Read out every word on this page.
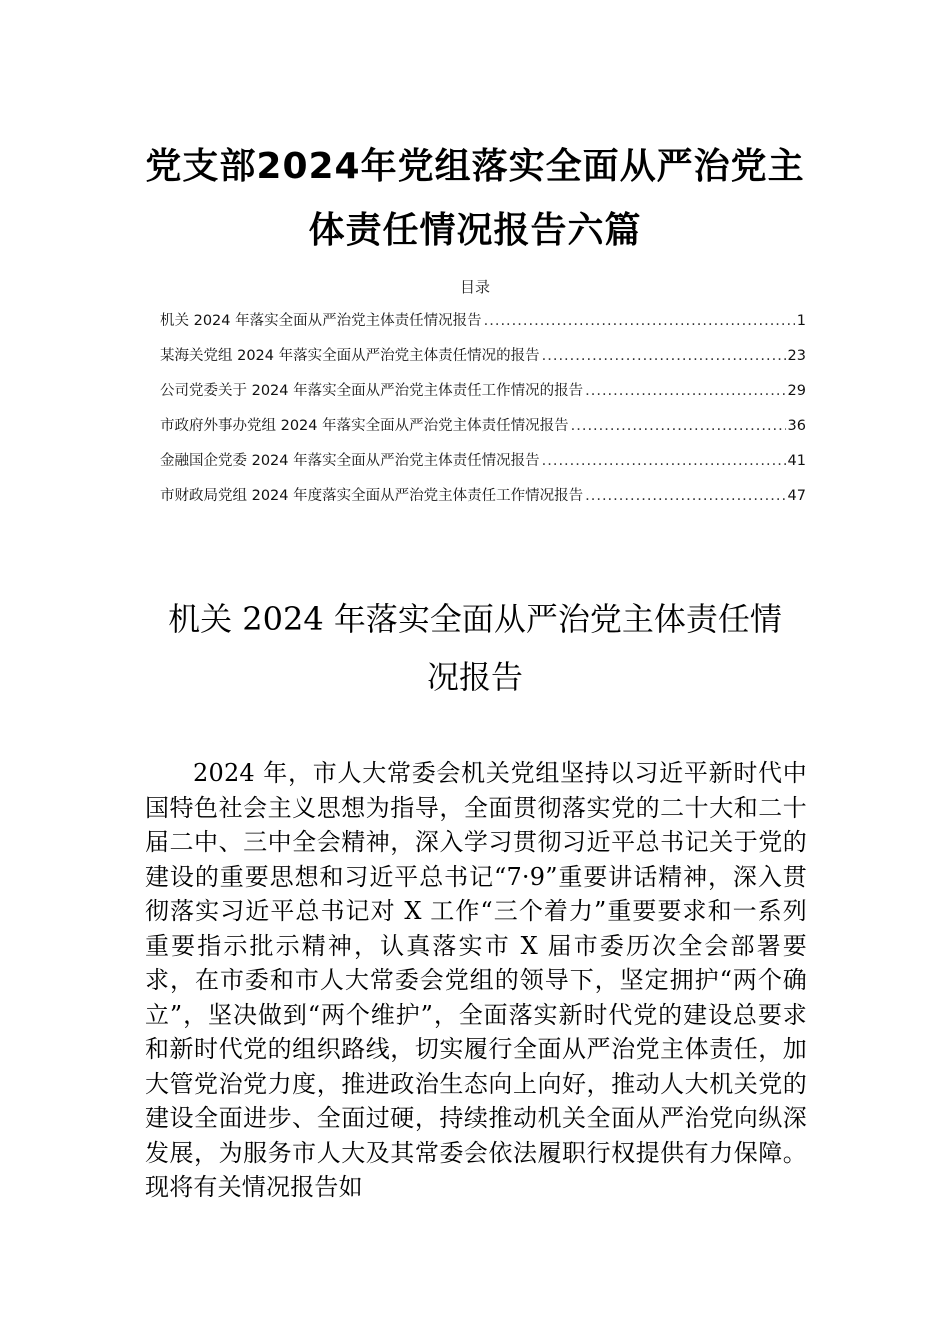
党支部2024年党组落实全面从严治党主
体责任情况报告六篇
目录
机关 2024 年落实全面从严治党主体责任情况报告 .....	1
某海关党组 2024 年落实全面从严治党主体责任情况的报告 .....	23
公司党委关于 2024 年落实全面从严治党主体责任工作情况的报告 .....	29
市政府外事办党组 2024 年落实全面从严治党主体责任情况报告 .....	36
金融国企党委 2024 年落实全面从严治党主体责任情况报告 .....	41
市财政局党组 2024 年度落实全面从严治党主体责任工作情况报告 .....	47
机关 2024 年落实全面从严治党主体责任情
况报告

2024 年，市人大常委会机关党组坚持以习近平新时代中国特色社会主义思想为指导，全面贯彻落实党的二十大和二十届二中、三中全会精神，深入学习贯彻习近平总书记关于党的建设的重要思想和习近平总书记“7·9”重要讲话精神，深入贯彻落实习近平总书记对 X 工作“三个着力”重要要求和一系列重要指示批示精神，认真落实市 X 届市委历次全会部署要求，在市委和市人大常委会党组的领导下，坚定拥护“两个确立”，坚决做到“两个维护”，全面落实新时代党的建设总要求和新时代党的组织路线，切实履行全面从严治党主体责任，加大管党治党力度，推进政治生态向上向好，推动人大机关党的建设全面进步、全面过硬，持续推动机关全面从严治党向纵深发展，为服务市人大及其常委会依法履职行权提供有力保障。现将有关情况报告如
